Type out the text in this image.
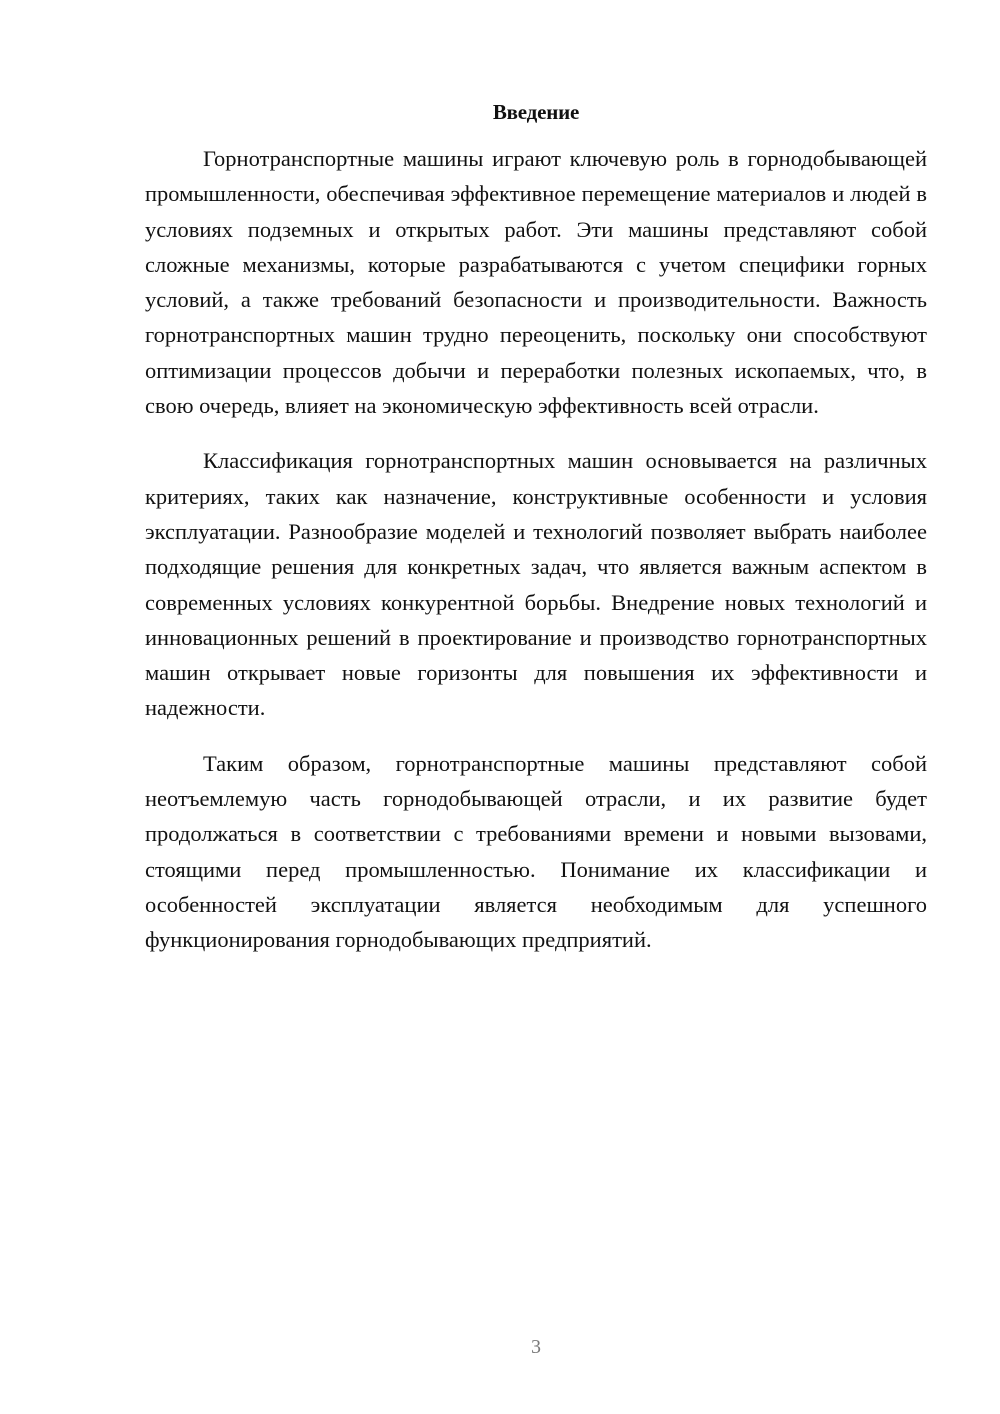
Введение

Горнотранспортные машины играют ключевую роль в горнодобывающей промышленности, обеспечивая эффективное перемещение материалов и людей в условиях подземных и открытых работ. Эти машины представляют собой сложные механизмы, которые разрабатываются с учетом специфики горных условий, а также требований безопасности и производительности. Важность горнотранспортных машин трудно переоценить, поскольку они способствуют оптимизации процессов добычи и переработки полезных ископаемых, что, в свою очередь, влияет на экономическую эффективность всей отрасли.

Классификация горнотранспортных машин основывается на различных критериях, таких как назначение, конструктивные особенности и условия эксплуатации. Разнообразие моделей и технологий позволяет выбрать наиболее подходящие решения для конкретных задач, что является важным аспектом в современных условиях конкурентной борьбы. Внедрение новых технологий и инновационных решений в проектирование и производство горнотранспортных машин открывает новые горизонты для повышения их эффективности и надежности.

Таким образом, горнотранспортные машины представляют собой неотъемлемую часть горнодобывающей отрасли, и их развитие будет продолжаться в соответствии с требованиями времени и новыми вызовами, стоящими перед промышленностью. Понимание их классификации и особенностей эксплуатации является необходимым для успешного функционирования горнодобывающих предприятий.

3
